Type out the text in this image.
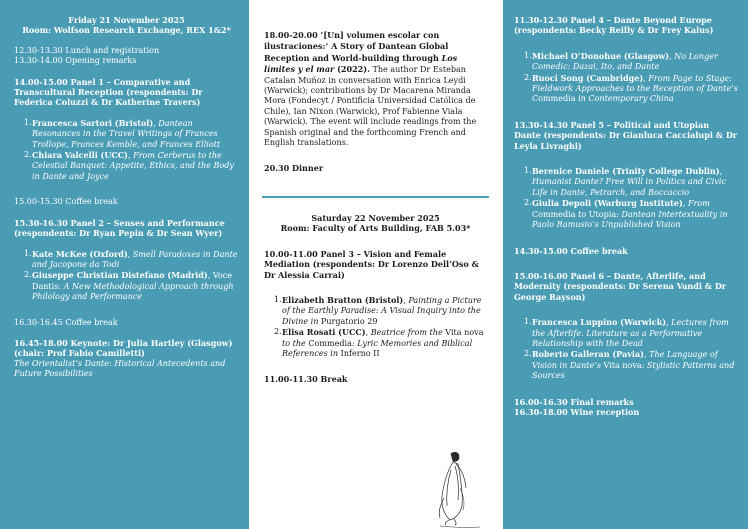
Friday 21 November 2025
Room: Wolfson Research Exchange, REX 1&2*
12.30-13.30 Lunch and registration
13.30-14.00 Opening remarks
14.00-15.00 Panel 1 – Comparative and Transcultural Reception (respondents: Dr Federica Coluzzi & Dr Katherine Travers)
1. Francesca Sartori (Bristol), Dantean Resonances in the Travel Writings of Frances Trollope, Frances Kemble, and Frances Elliott
2. Chiara Valcelli (UCC), From Cerberus to the Celestial Banquet: Appetite, Ethics, and the Body in Dante and Joyce
15.00-15.30 Coffee break
15.30-16.30 Panel 2 – Senses and Performance (respondents: Dr Ryan Pepin & Dr Sean Wyer)
1. Kate McKee (Oxford), Smell Paradoxes in Dante and Jacopone da Todi
2. Giuseppe Christian Distefano (Madrid), Voce Dantis: A New Methodological Approach through Philology and Performance
16.30-16.45 Coffee break
16.45-18.00 Keynote: Dr Julia Hartley (Glasgow) (chair: Prof Fabio Camilletti)
The Orientalist’s Dante: Historical Antecedents and Future Possibilities
18.00-20.00 ‘[Un] volumen escolar con ilustraciones:’ A Story of Dantean Global Reception and World-building through Los límites y el mar (2022). The author Dr Esteban Catalan Muñoz in conversation with Enrica Leydi (Warwick); contributions by Dr Macarena Miranda Mora (Fondecyt / Pontificia Universidad Católica de Chile), Ian Nixon (Warwick), Prof Fabienne Viala (Warwick). The event will include readings from the Spanish original and the forthcoming French and English translations.
20.30 Dinner
Saturday 22 November 2025
Room: Faculty of Arts Building, FAB 5.03*
10.00-11.00 Panel 3 – Vision and Female Mediation (respondents: Dr Lorenzo Dell’Oso & Dr Alessia Carrai)
1. Elizabeth Bratton (Bristol), Painting a Picture of the Earthly Paradise: A Visual Inquiry into the Divine in Purgatorio 29
2. Elisa Rosati (UCC), Beatrice from the Vita nova to the Commedia: Lyric Memories and Biblical References in Inferno II
11.00-11.30 Break
11.30-12.30 Panel 4 – Dante Beyond Europe (respondents: Becky Reilly & Dr Frey Kalus)
1. Michael O’Donohue (Glasgow), No Longer Comedic: Dazai, Ito, and Dante
2. Ruoci Song (Cambridge), From Page to Stage: Fieldwork Approaches to the Reception of Dante’s Commedia in Contemporary China
13.30-14.30 Panel 5 – Political and Utopian Dante (respondents: Dr Gianluca Caccialupi & Dr Leyla Livraghi)
1. Berenice Daniele (Trinity College Dublin), Humanist Dante? Free Will in Politics and Civic Life in Dante, Petrarch, and Boccaccio
2. Giulia Depoli (Warburg Institute), From Commedia to Utopia: Dantean Intertextuality in Paolo Ramusio’s Unpublished Vision
14.30-15.00 Coffee break
15.00-16.00 Panel 6 – Dante, Afterlife, and Modernity (respondents: Dr Serena Vandi & Dr George Rayson)
1. Francesca Luppino (Warwick), Lectures from the Afterlife. Literature as a Performative Relationship with the Dead
2. Roberto Galleran (Pavia), The Language of Vision in Dante’s Vita nova: Stylistic Patterns and Sources
16.00-16.30 Final remarks
16.30-18.00 Wine reception
